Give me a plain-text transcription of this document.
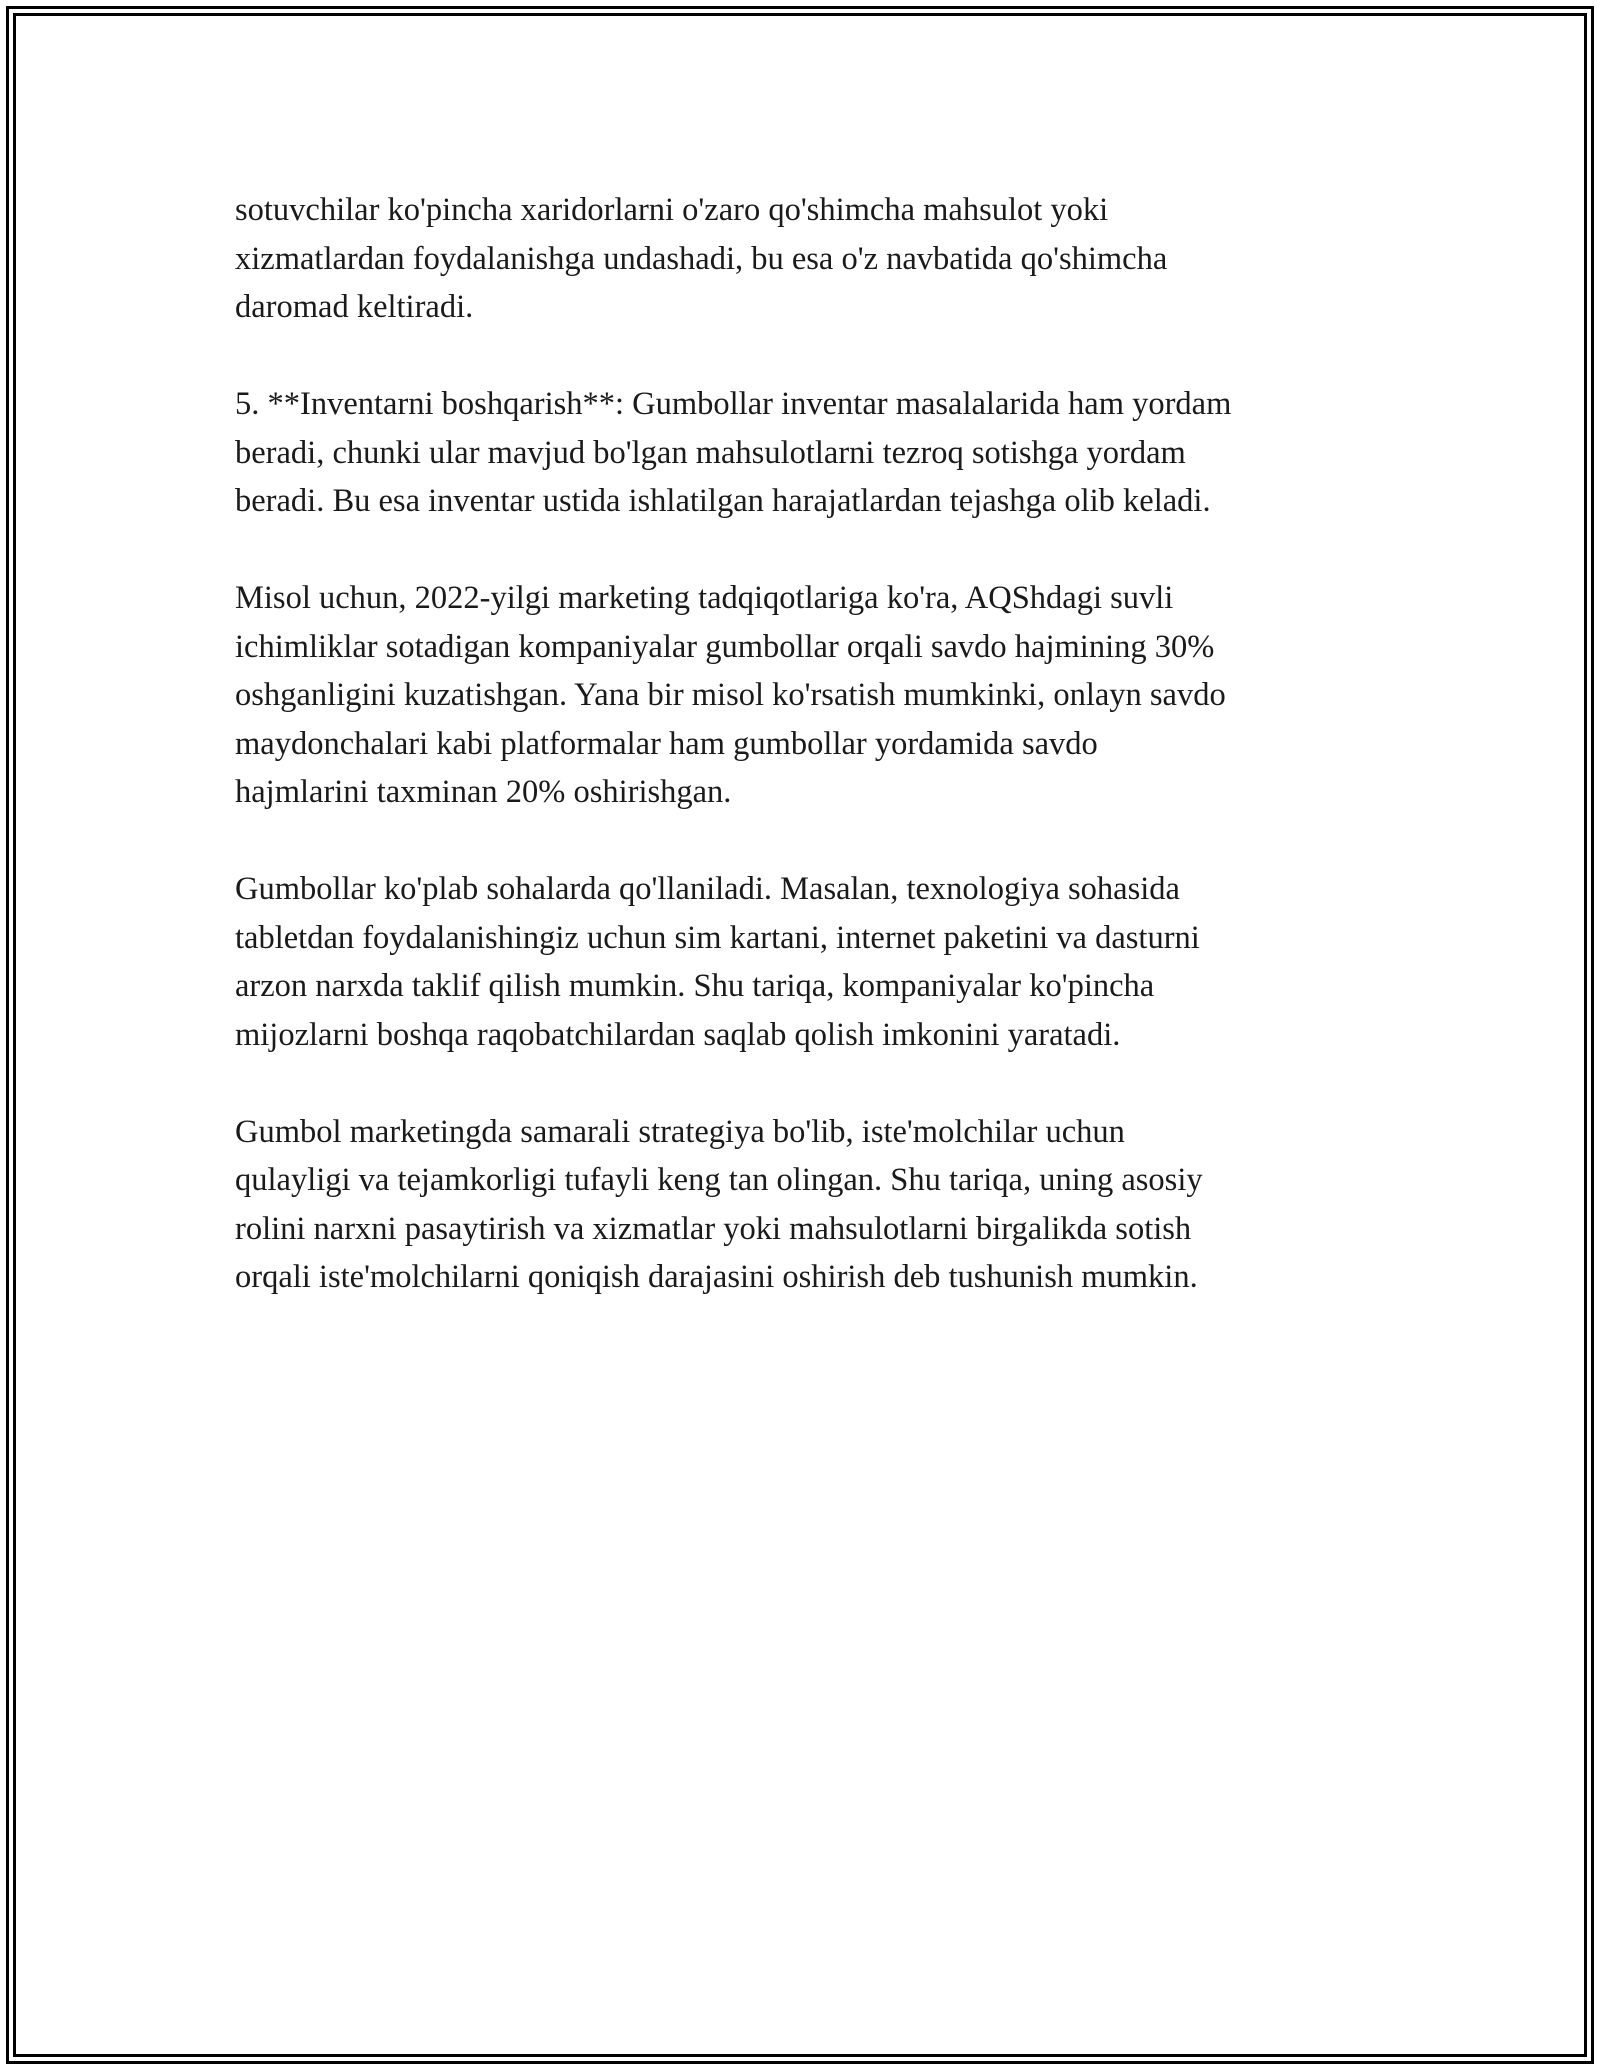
sotuvchilar ko'pincha xaridorlarni o'zaro qo'shimcha mahsulot yoki
xizmatlardan foydalanishga undashadi, bu esa o'z navbatida qo'shimcha
daromad keltiradi.

5. **Inventarni boshqarish**: Gumbollar inventar masalalarida ham yordam
beradi, chunki ular mavjud bo'lgan mahsulotlarni tezroq sotishga yordam
beradi. Bu esa inventar ustida ishlatilgan harajatlardan tejashga olib keladi.

Misol uchun, 2022-yilgi marketing tadqiqotlariga ko'ra, AQShdagi suvli
ichimliklar sotadigan kompaniyalar gumbollar orqali savdo hajmining 30%
oshganligini kuzatishgan. Yana bir misol ko'rsatish mumkinki, onlayn savdo
maydonchalari kabi platformalar ham gumbollar yordamida savdo
hajmlarini taxminan 20% oshirishgan.

Gumbollar ko'plab sohalarda qo'llaniladi. Masalan, texnologiya sohasida
tabletdan foydalanishingiz uchun sim kartani, internet paketini va dasturni
arzon narxda taklif qilish mumkin. Shu tariqa, kompaniyalar ko'pincha
mijozlarni boshqa raqobatchilardan saqlab qolish imkonini yaratadi.

Gumbol marketingda samarali strategiya bo'lib, iste'molchilar uchun
qulayligi va tejamkorligi tufayli keng tan olingan. Shu tariqa, uning asosiy
rolini narxni pasaytirish va xizmatlar yoki mahsulotlarni birgalikda sotish
orqali iste'molchilarni qoniqish darajasini oshirish deb tushunish mumkin.
